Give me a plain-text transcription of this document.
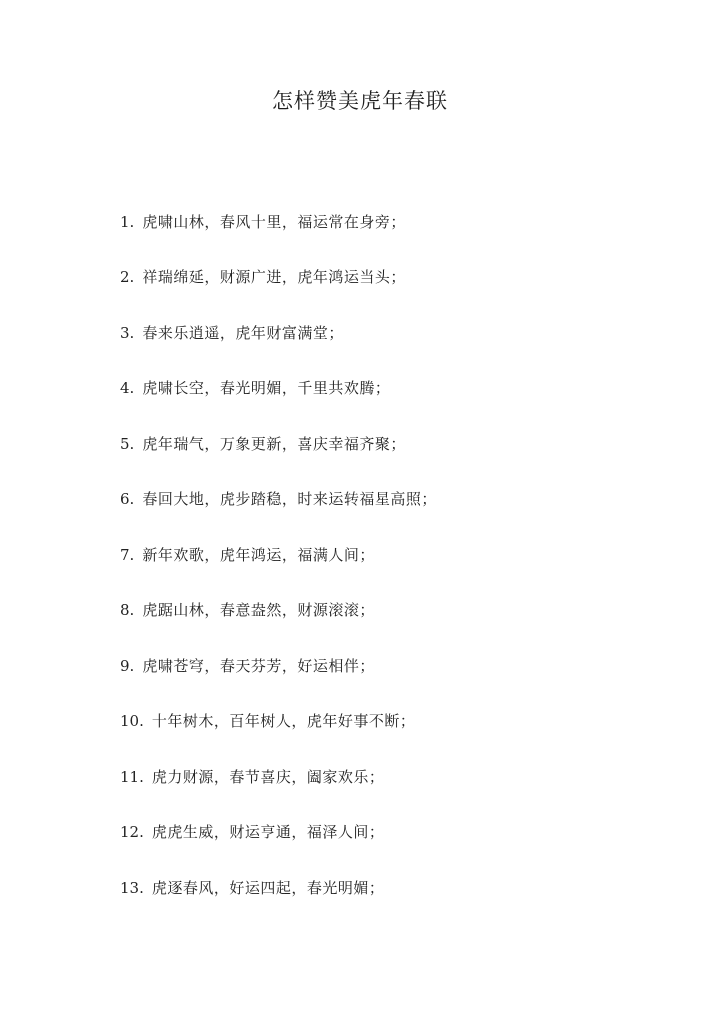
怎样赞美虎年春联
1. 虎啸山林，春风十里，福运常在身旁；
2. 祥瑞绵延，财源广进，虎年鸿运当头；
3. 春来乐逍遥，虎年财富满堂；
4. 虎啸长空，春光明媚，千里共欢腾；
5. 虎年瑞气，万象更新，喜庆幸福齐聚；
6. 春回大地，虎步踏稳，时来运转福星高照；
7. 新年欢歌，虎年鸿运，福满人间；
8. 虎踞山林，春意盎然，财源滚滚；
9. 虎啸苍穹，春天芬芳，好运相伴；
10. 十年树木，百年树人，虎年好事不断；
11. 虎力财源，春节喜庆，阖家欢乐；
12. 虎虎生威，财运亨通，福泽人间；
13. 虎逐春风，好运四起，春光明媚；
